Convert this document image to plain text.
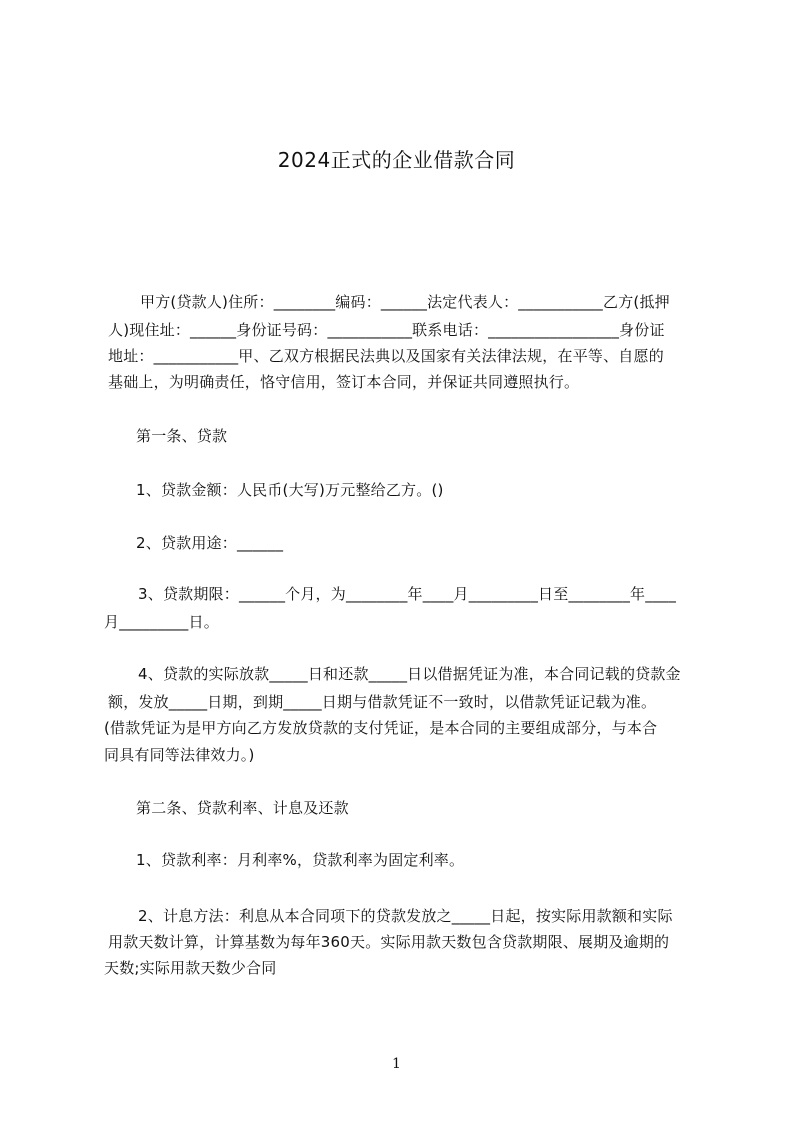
2024正式的企业借款合同
甲方(贷款人)住所：________编码：______法定代表人：___________乙方(抵押
人)现住址：______身份证号码：___________联系电话：_________________身份证
地址：___________甲、乙双方根据民法典以及国家有关法律法规，在平等、自愿的
基础上，为明确责任，恪守信用，签订本合同，并保证共同遵照执行。
第一条、贷款
1、贷款金额：人民币(大写)万元整给乙方。()
2、贷款用途：______
3、贷款期限：______个月，为________年____月_________日至________年____
月_________日。
4、贷款的实际放款_____日和还款_____日以借据凭证为准，本合同记载的贷款金
额，发放_____日期，到期_____日期与借款凭证不一致时，以借款凭证记载为准。
(借款凭证为是甲方向乙方发放贷款的支付凭证，是本合同的主要组成部分，与本合
同具有同等法律效力。)
第二条、贷款利率、计息及还款
1、贷款利率：月利率%，贷款利率为固定利率。
2、计息方法：利息从本合同项下的贷款发放之_____日起，按实际用款额和实际
用款天数计算，计算基数为每年360天。实际用款天数包含贷款期限、展期及逾期的
天数;实际用款天数少合同
1
